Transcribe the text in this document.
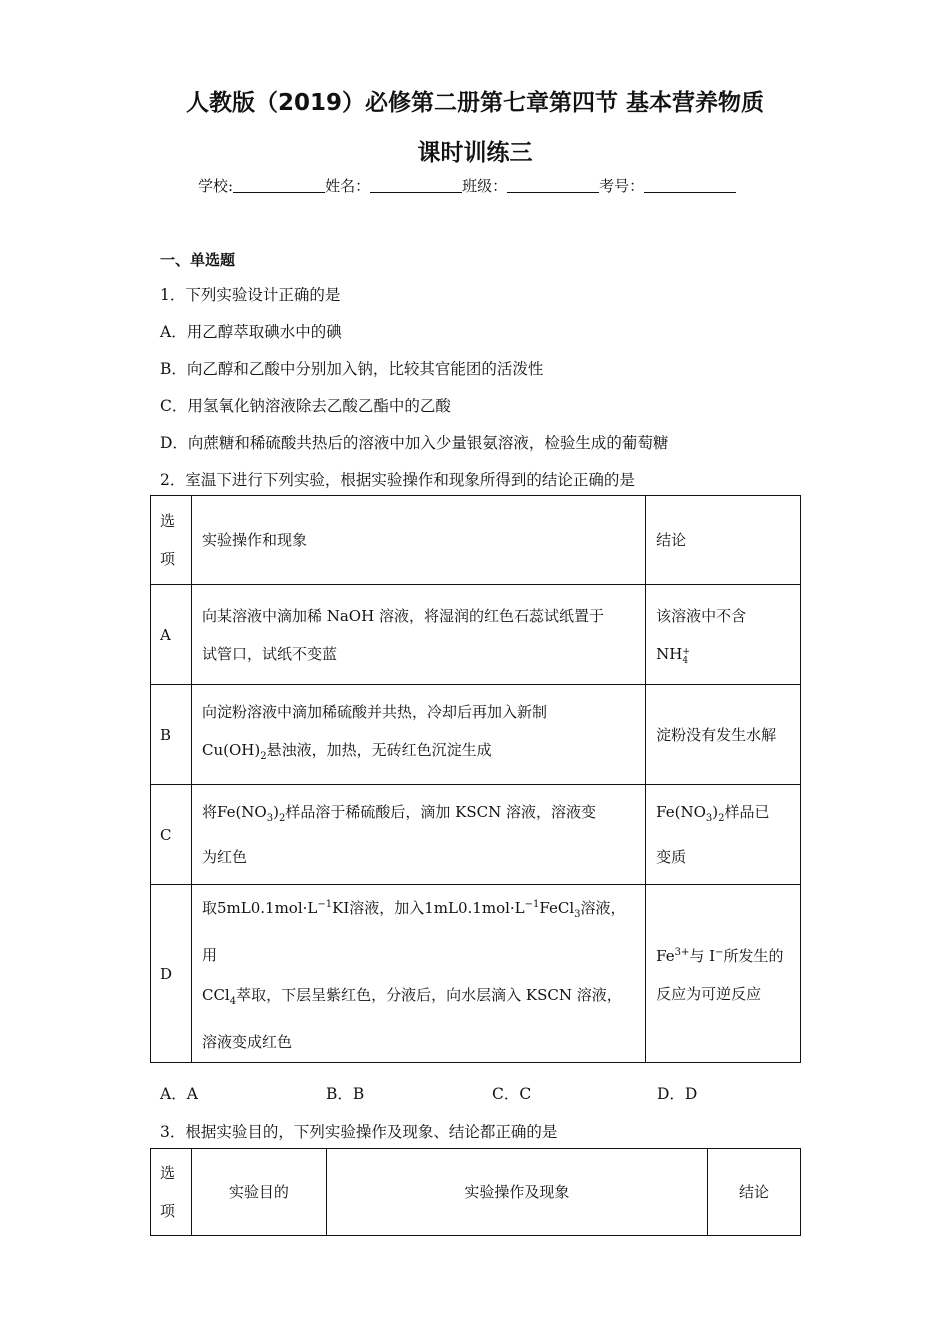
人教版（2019）必修第二册第七章第四节 基本营养物质
课时训练三
学校:	姓名：	班级：	考号：
一、单选题
1．下列实验设计正确的是
A．用乙醇萃取碘水中的碘
B．向乙醇和乙酸中分别加入钠，比较其官能团的活泼性
C．用氢氧化钠溶液除去乙酸乙酯中的乙酸
D．向蔗糖和稀硫酸共热后的溶液中加入少量银氨溶液，检验生成的葡萄糖
2．室温下进行下列实验，根据实验操作和现象所得到的结论正确的是
选
项	实验操作和现象	结论
A	向某溶液中滴加稀 NaOH 溶液，将湿润的红色石蕊试纸置于
试管口，试纸不变蓝	该溶液中不含
NH+
4
B	向淀粉溶液中滴加稀硫酸并共热，冷却后再加入新制
$Cu(OH)_2$悬浊液，加热，无砖红色沉淀生成	淀粉没有发生水解
C	将$Fe(NO_3)_2$样品溶于稀硫酸后，滴加 KSCN 溶液，溶液变
为红色	$Fe(NO_3)_2$样品已
变质
D	取$5mL0.1mol\cdot L^{-1}KI$溶液，加入$1mL0.1mol\cdot L^{-1}FeCl_3$溶液，用
CCl$_4$萃取，下层呈紫红色，分液后，向水层滴入 KSCN 溶液，
溶液变成红色	$Fe^{3+}$与 I−所发生的
反应为可逆反应
A．A	B．B	C．C	D．D
3．根据实验目的，下列实验操作及现象、结论都正确的是
选
项	实验目的	实验操作及现象	结论
